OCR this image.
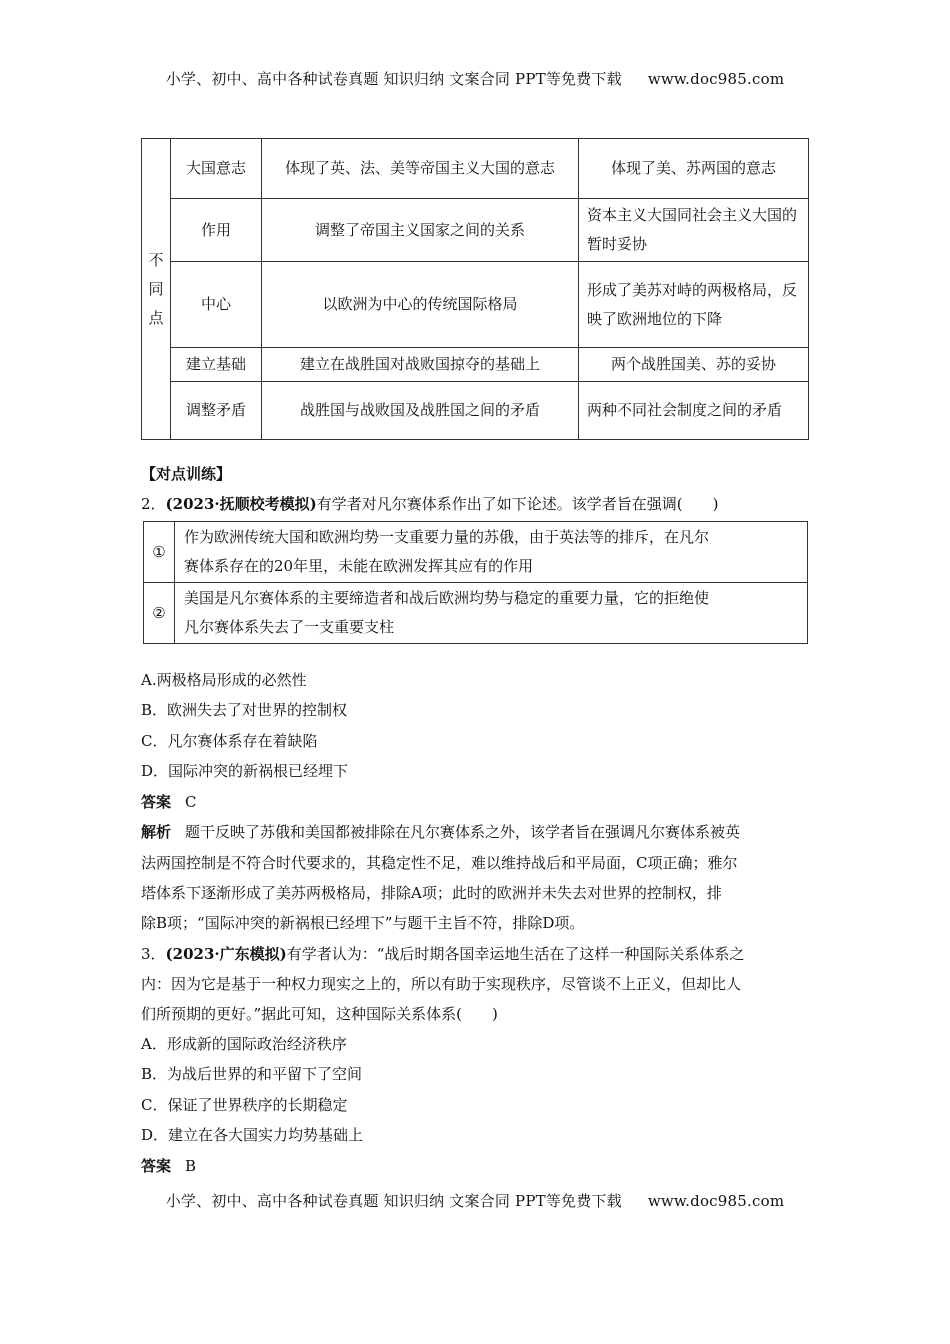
小学、初中、高中各种试卷真题 知识归纳 文案合同 PPT等免费下载 www.doc985.com
不同点	大国意志	体现了英、法、美等帝国主义大国的意志	体现了美、苏两国的意志
	作用	调整了帝国主义国家之间的关系	资本主义大国同社会主义大国的暂时妥协
	中心	以欧洲为中心的传统国际格局	形成了美苏对峙的两极格局，反映了欧洲地位的下降
	建立基础	建立在战胜国对战败国掠夺的基础上	两个战胜国美、苏的妥协
	调整矛盾	战胜国与战败国及战胜国之间的矛盾	两种不同社会制度之间的矛盾
【对点训练】
2．(2023·抚顺校考模拟)有学者对凡尔赛体系作出了如下论述。该学者旨在强调(　　)
①	作为欧洲传统大国和欧洲均势一支重要力量的苏俄，由于英法等的排斥，在凡尔
赛体系存在的20年里，未能在欧洲发挥其应有的作用

②	美国是凡尔赛体系的主要缔造者和战后欧洲均势与稳定的重要力量，它的拒绝使
凡尔赛体系失去了一支重要支柱
A.两极格局形成的必然性
B．欧洲失去了对世界的控制权
C．凡尔赛体系存在着缺陷
D．国际冲突的新祸根已经埋下
答案 C
解析 题干反映了苏俄和美国都被排除在凡尔赛体系之外，该学者旨在强调凡尔赛体系被英
法两国控制是不符合时代要求的，其稳定性不足，难以维持战后和平局面，C项正确；雅尔
塔体系下逐渐形成了美苏两极格局，排除A项；此时的欧洲并未失去对世界的控制权，排
除B项；“国际冲突的新祸根已经埋下”与题干主旨不符，排除D项。
3．(2023·广东模拟)有学者认为：“战后时期各国幸运地生活在了这样一种国际关系体系之
内：因为它是基于一种权力现实之上的，所以有助于实现秩序，尽管谈不上正义，但却比人
们所预期的更好。”据此可知，这种国际关系体系(　　)
A．形成新的国际政治经济秩序
B．为战后世界的和平留下了空间
C．保证了世界秩序的长期稳定
D．建立在各大国实力均势基础上
答案 B
小学、初中、高中各种试卷真题 知识归纳 文案合同 PPT等免费下载 www.doc985.com
